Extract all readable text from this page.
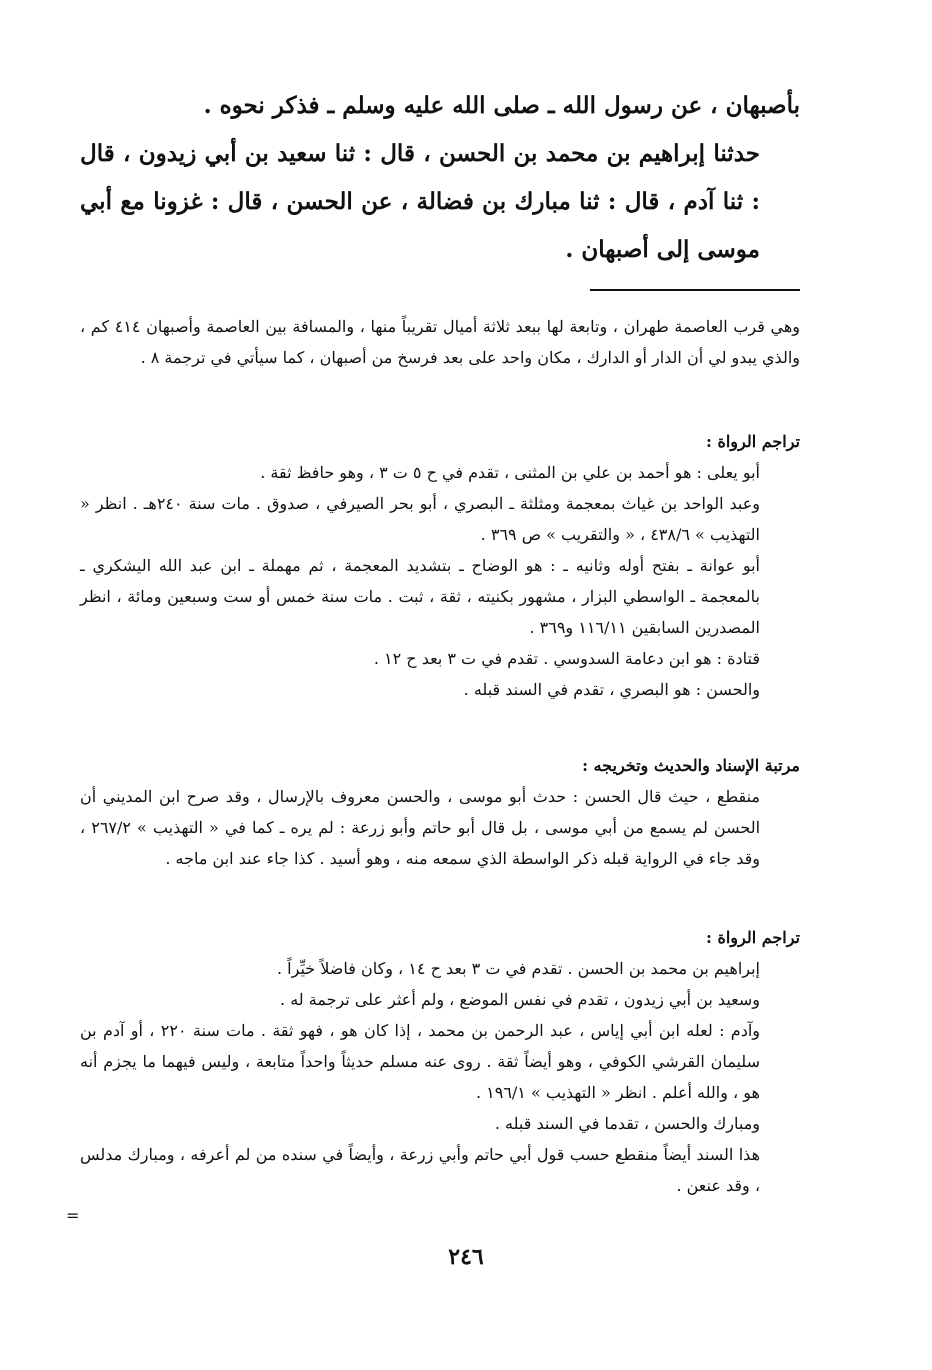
بأصبهان ، عن رسول الله ـ صلى الله عليه وسلم ـ فذكر نحوه .

حدثنا إبراهيم بن محمد بن الحسن ، قال : ثنا سعيد بن أبي زيدون ، قال : ثنا آدم ، قال : ثنا مبارك بن فضالة ، عن الحسن ، قال : غزونا مع أبي موسى إلى أصبهان .

وهي قرب العاصمة طهران ، وتابعة لها ببعد ثلاثة أميال تقريباً منها ، والمسافة بين العاصمة وأصبهان ٤١٤ كم ، والذي يبدو لي أن الدار أو الدارك ، مكان واحد على بعد فرسخ من أصبهان ، كما سيأتي في ترجمة ٨ .

تراجم الرواة :

أبو يعلى : هو أحمد بن علي بن المثنى ، تقدم في ح ٥ ت ٣ ، وهو حافظ ثقة .

وعبد الواحد بن غياث بمعجمة ومثلثة ـ البصري ، أبو بحر الصيرفي ، صدوق . مات سنة ٢٤٠هـ . انظر « التهذيب » ٤٣٨/٦ ، « والتقريب » ص ٣٦٩ .

أبو عوانة ـ بفتح أوله وثانيه ـ : هو الوضاح ـ بتشديد المعجمة ، ثم مهملة ـ ابن عبد الله اليشكري ـ بالمعجمة ـ الواسطي البزار ، مشهور بكنيته ، ثقة ، ثبت . مات سنة خمس أو ست وسبعين ومائة ، انظر المصدرين السابقين ١١٦/١١ و٣٦٩ .

قتادة : هو ابن دعامة السدوسي . تقدم في ت ٣ بعد ح ١٢ .

والحسن : هو البصري ، تقدم في السند قبله .

مرتبة الإسناد والحديث وتخريجه :

منقطع ، حيث قال الحسن : حدث أبو موسى ، والحسن معروف بالإرسال ، وقد صرح ابن المديني أن الحسن لم يسمع من أبي موسى ، بل قال أبو حاتم وأبو زرعة : لم يره ـ كما في « التهذيب » ٢٦٧/٢ ، وقد جاء في الرواية قبله ذكر الواسطة الذي سمعه منه ، وهو أسيد . كذا جاء عند ابن ماجه .

تراجم الرواة :

إبراهيم بن محمد بن الحسن . تقدم في ت ٣ بعد ح ١٤ ، وكان فاضلاً خيِّراً .

وسعيد بن أبي زيدون ، تقدم في نفس الموضع ، ولم أعثر على ترجمة له .

وآدم : لعله ابن أبي إياس ، عبد الرحمن بن محمد ، إذا كان هو ، فهو ثقة . مات سنة ٢٢٠ ، أو آدم بن سليمان القرشي الكوفي ، وهو أيضاً ثقة . روى عنه مسلم حديثاً واحداً متابعة ، وليس فيهما ما يجزم أنه هو ، والله أعلم . انظر « التهذيب » ١٩٦/١ .

ومبارك والحسن ، تقدما في السند قبله .

هذا السند أيضاً منقطع حسب قول أبي حاتم وأبي زرعة ، وأيضاً في سنده من لم أعرفه ، ومبارك مدلس ، وقد عنعن .

=
٢٤٦
